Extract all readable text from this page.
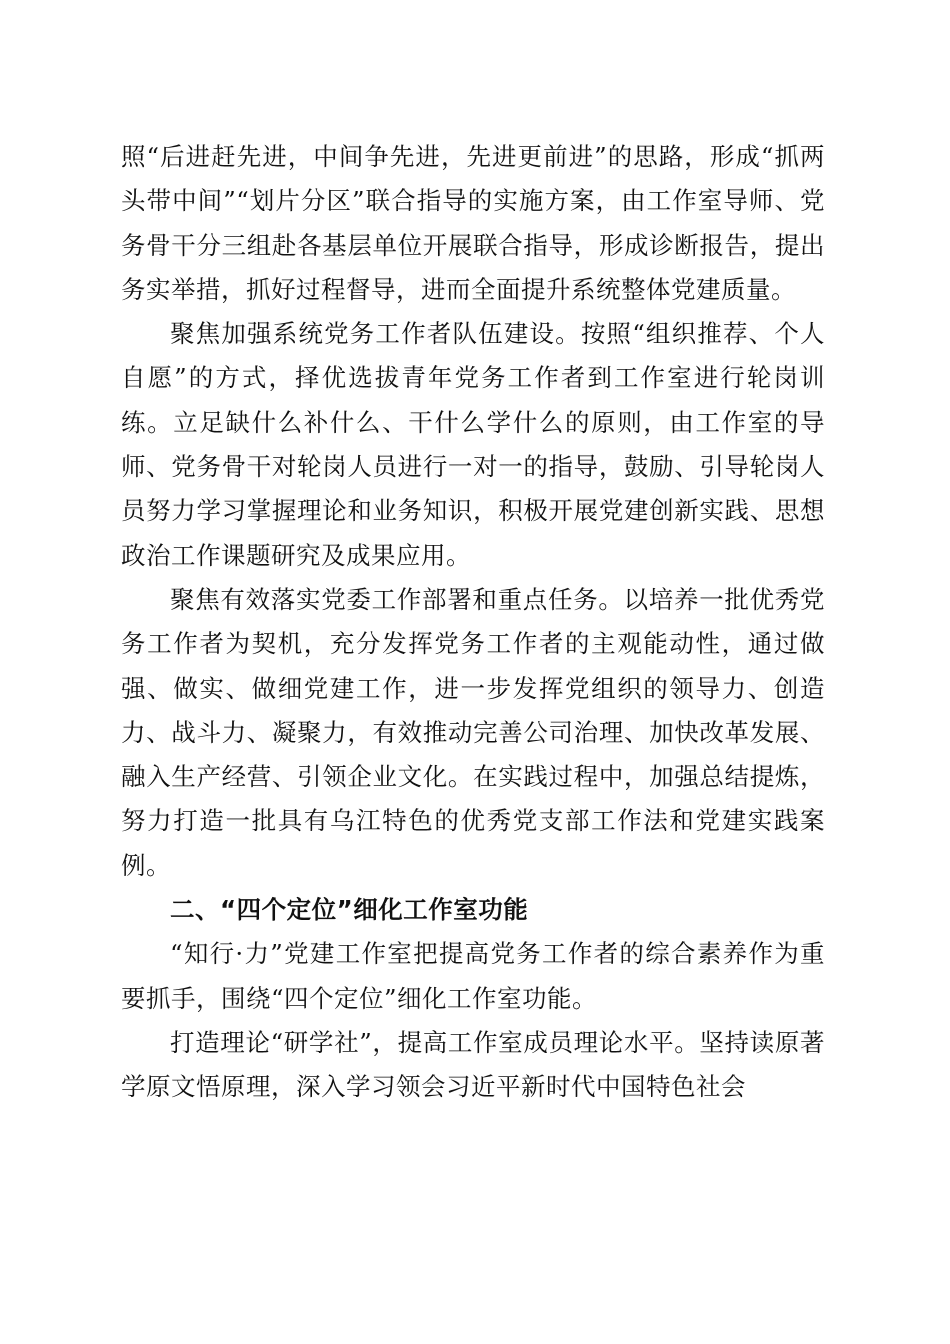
照“后进赶先进，中间争先进，先进更前进”的思路，形成“抓两头带中间”“划片分区”联合指导的实施方案，由工作室导师、党务骨干分三组赴各基层单位开展联合指导，形成诊断报告，提出务实举措，抓好过程督导，进而全面提升系统整体党建质量。

聚焦加强系统党务工作者队伍建设。按照“组织推荐、个人自愿”的方式，择优选拔青年党务工作者到工作室进行轮岗训练。立足缺什么补什么、干什么学什么的原则，由工作室的导师、党务骨干对轮岗人员进行一对一的指导，鼓励、引导轮岗人员努力学习掌握理论和业务知识，积极开展党建创新实践、思想政治工作课题研究及成果应用。

聚焦有效落实党委工作部署和重点任务。以培养一批优秀党务工作者为契机，充分发挥党务工作者的主观能动性，通过做强、做实、做细党建工作，进一步发挥党组织的领导力、创造力、战斗力、凝聚力，有效推动完善公司治理、加快改革发展、融入生产经营、引领企业文化。在实践过程中，加强总结提炼，努力打造一批具有乌江特色的优秀党支部工作法和党建实践案例。

二、“四个定位”细化工作室功能

“知行·力”党建工作室把提高党务工作者的综合素养作为重要抓手，围绕“四个定位”细化工作室功能。

打造理论“研学社”，提高工作室成员理论水平。坚持读原著学原文悟原理，深入学习领会习近平新时代中国特色社会
